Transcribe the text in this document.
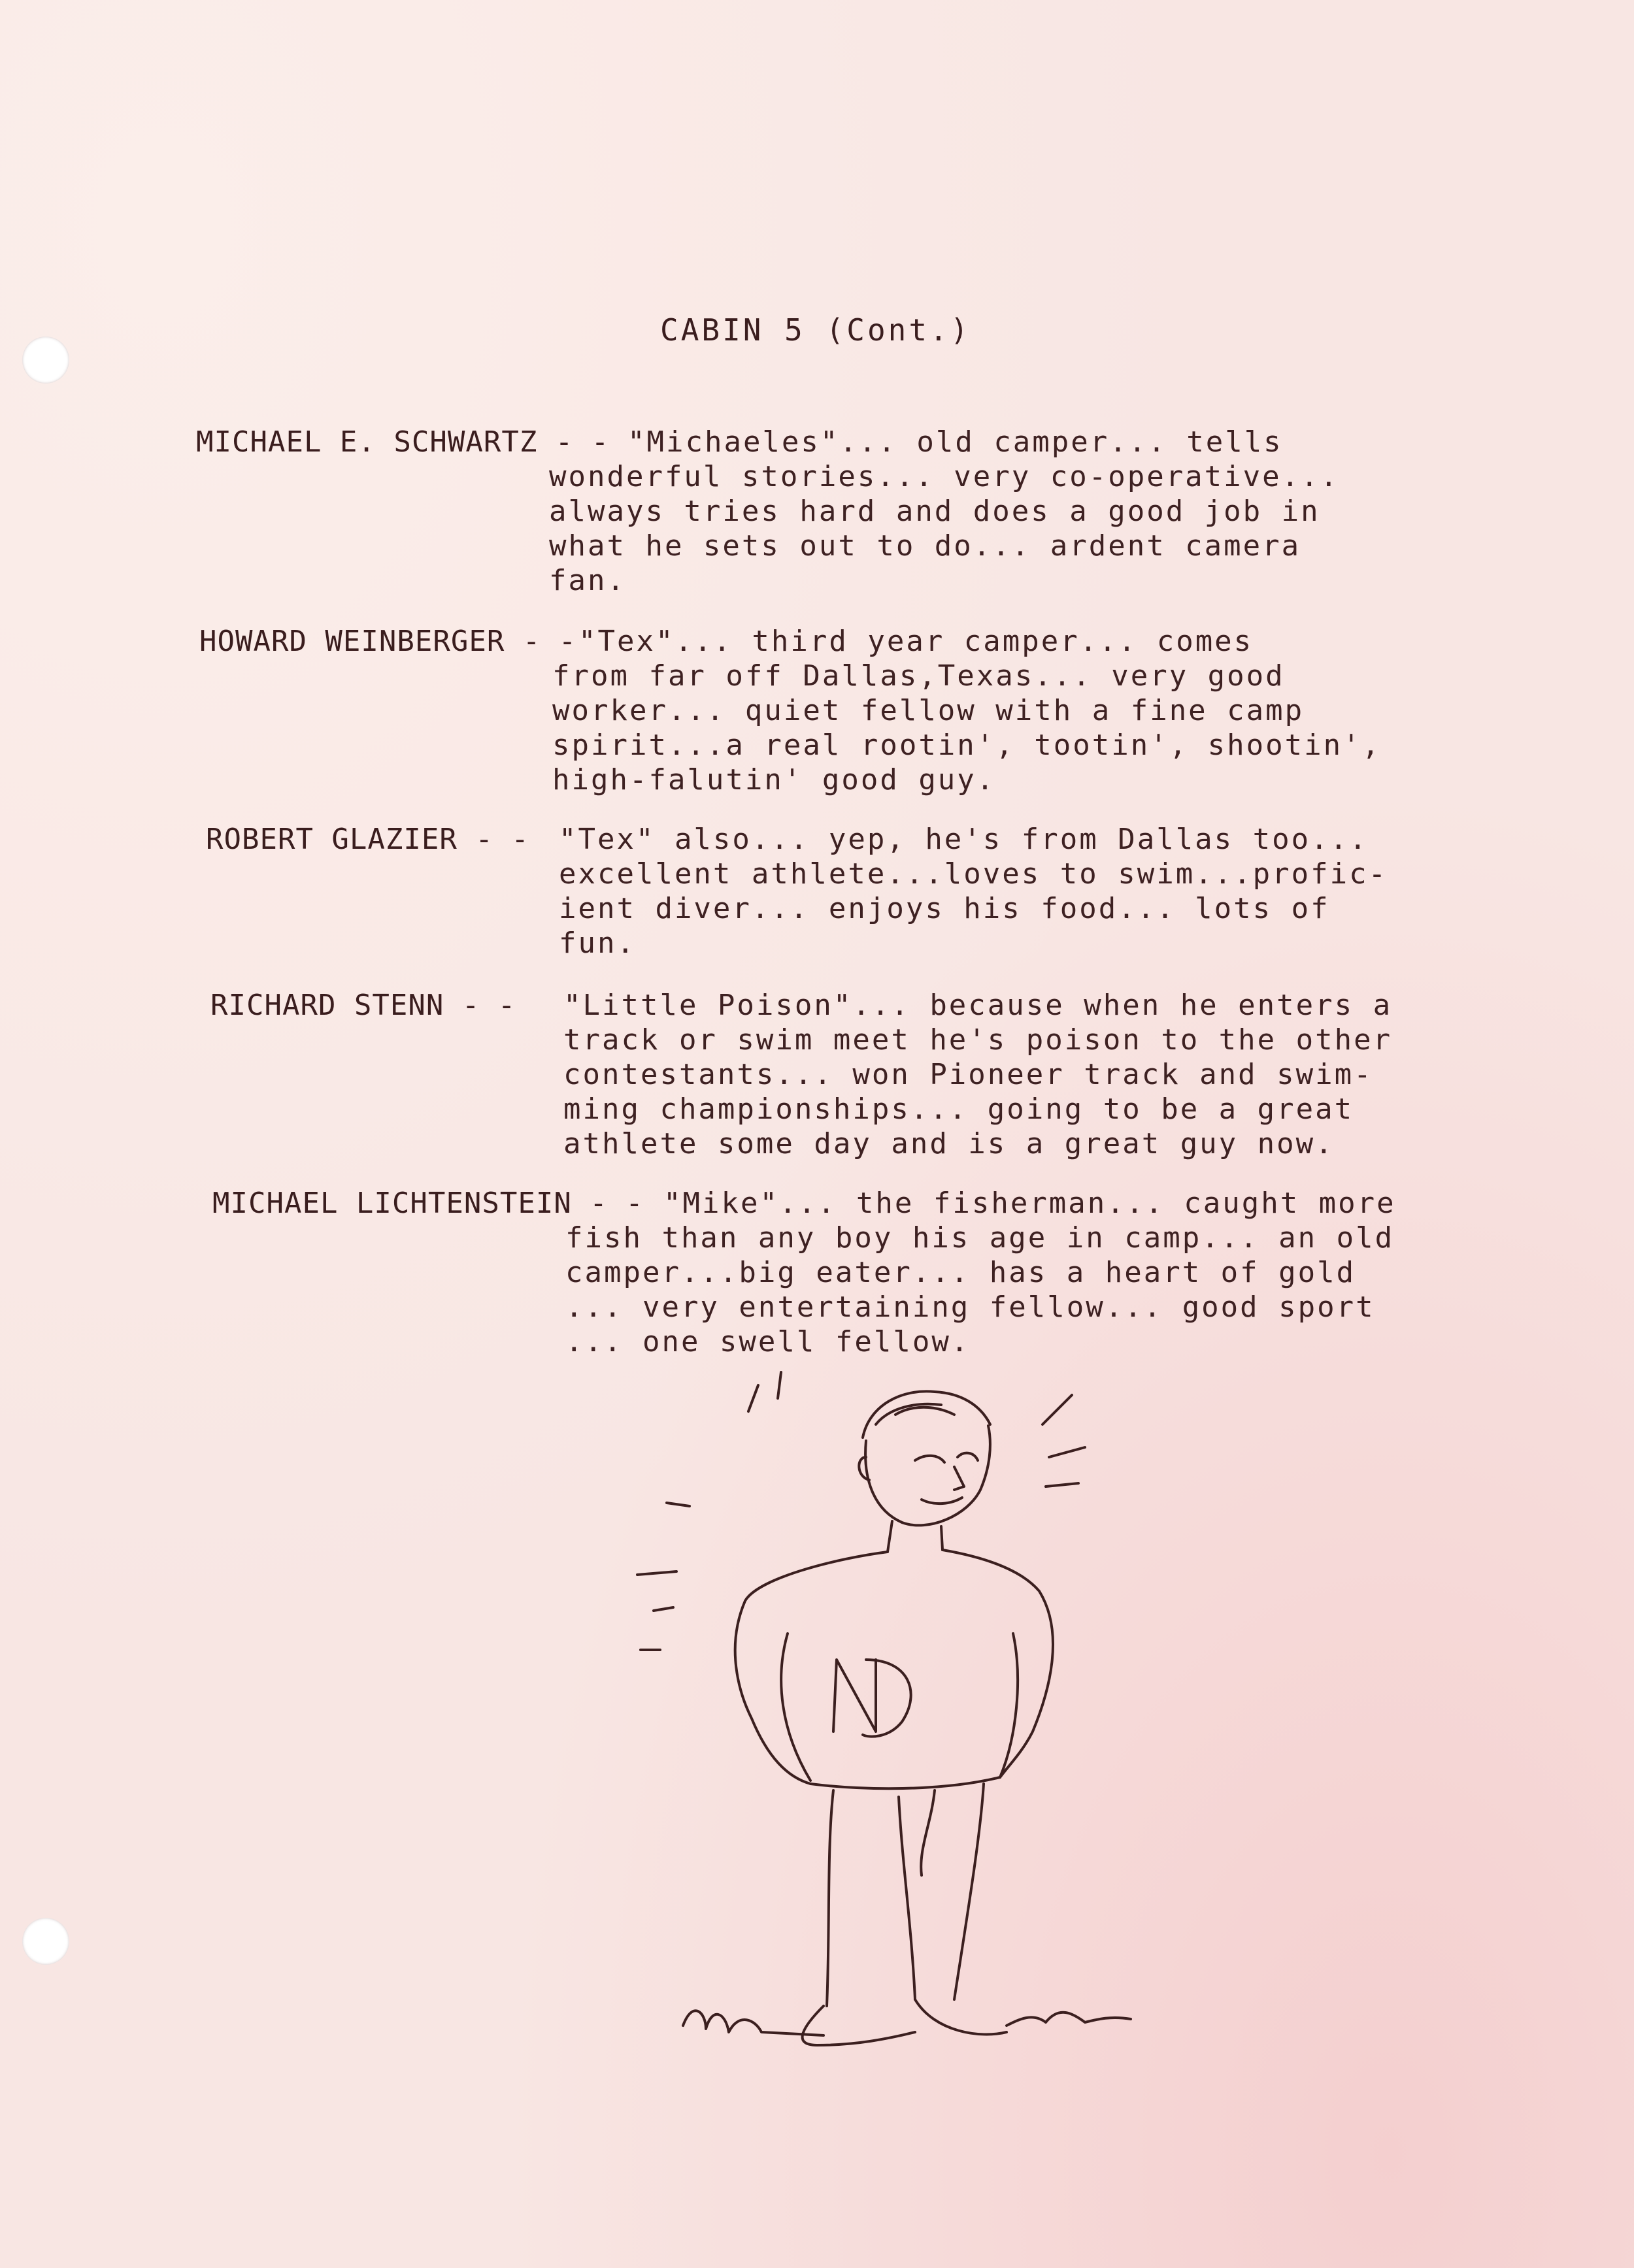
CABIN 5 (Cont.)
MICHAEL E. SCHWARTZ - - "Michaeles"... old camper... tells
wonderful stories... very co-operative...
always tries hard and does a good job in
what he sets out to do... ardent camera
fan.
HOWARD WEINBERGER - - "Tex"... third year camper... comes
from far off Dallas,Texas... very good
worker... quiet fellow with a fine camp
spirit...a real rootin', tootin', shootin',
high-falutin' good guy.
ROBERT GLAZIER - - "Tex" also... yep, he's from Dallas too...
excellent athlete...loves to swim...profic-
ient diver... enjoys his food... lots of
fun.
RICHARD STENN - - "Little Poison"... because when he enters a
track or swim meet he's poison to the other
contestants... won Pioneer track and swim-
ming championships... going to be a great
athlete some day and is a great guy now.
MICHAEL LICHTENSTEIN - - "Mike"... the fisherman... caught more
fish than any boy his age in camp... an old
camper...big eater... has a heart of gold
... very entertaining fellow... good sport
... one swell fellow.
